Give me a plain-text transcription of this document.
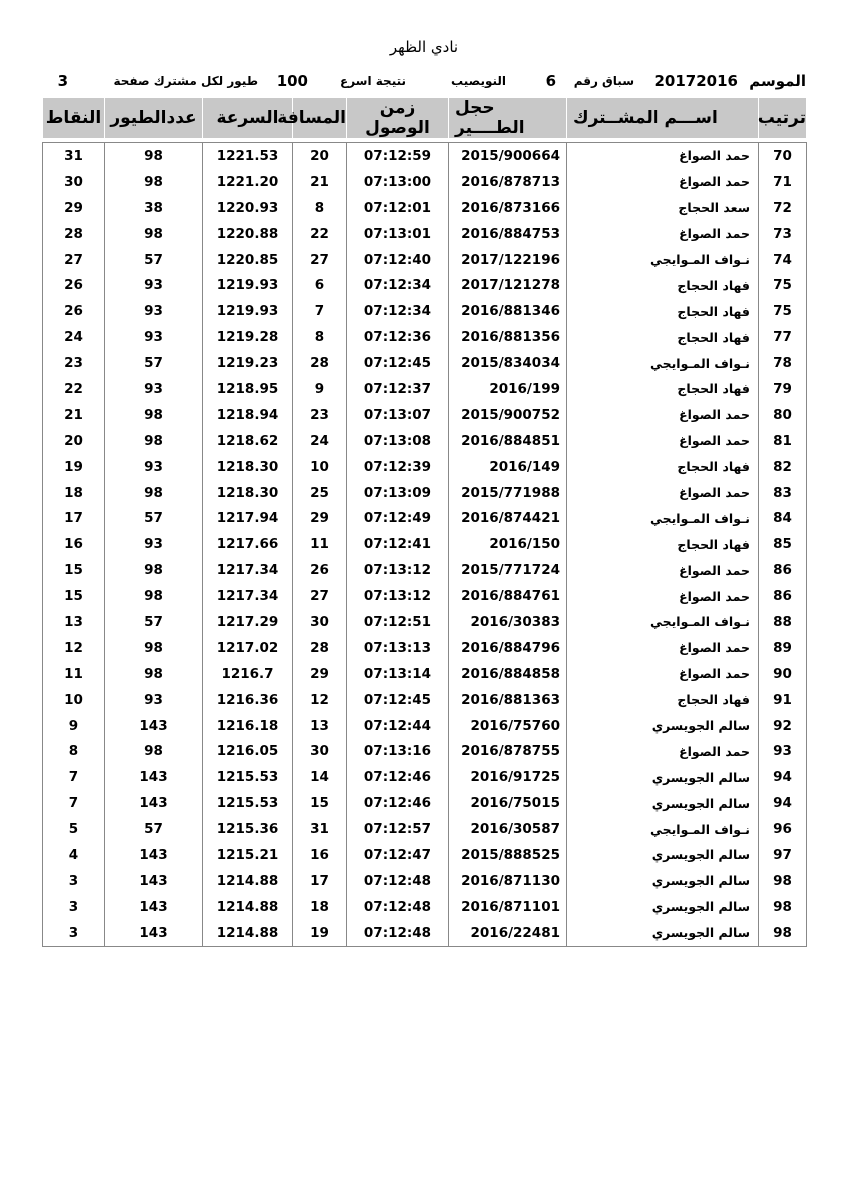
نادي الظهر
الموسم
20172016
سباق رقم
6
النويصيب
نتيجة اسرع
100
طيور لكل مشترك صفحة
3
ترتيب	اســـم المشــترك	حجل الطــــير	زمن الوصول	المسافة	السرعة	عددالطيور	النقاط

70	حمد الصواغ	2015/900664	07:12:59	20	1221.53	98	31
71	حمد الصواغ	2016/878713	07:13:00	21	1221.20	98	30
72	سعد الحجاج	2016/873166	07:12:01	8	1220.93	38	29
73	حمد الصواغ	2016/884753	07:13:01	22	1220.88	98	28
74	نـواف المـوايجي	2017/122196	07:12:40	27	1220.85	57	27
75	فهاد الحجاج	2017/121278	07:12:34	6	1219.93	93	26
75	فهاد الحجاج	2016/881346	07:12:34	7	1219.93	93	26
77	فهاد الحجاج	2016/881356	07:12:36	8	1219.28	93	24
78	نـواف المـوايجي	2015/834034	07:12:45	28	1219.23	57	23
79	فهاد الحجاج	2016/199	07:12:37	9	1218.95	93	22
80	حمد الصواغ	2015/900752	07:13:07	23	1218.94	98	21
81	حمد الصواغ	2016/884851	07:13:08	24	1218.62	98	20
82	فهاد الحجاج	2016/149	07:12:39	10	1218.30	93	19
83	حمد الصواغ	2015/771988	07:13:09	25	1218.30	98	18
84	نـواف المـوايجي	2016/874421	07:12:49	29	1217.94	57	17
85	فهاد الحجاج	2016/150	07:12:41	11	1217.66	93	16
86	حمد الصواغ	2015/771724	07:13:12	26	1217.34	98	15
86	حمد الصواغ	2016/884761	07:13:12	27	1217.34	98	15
88	نـواف المـوايجي	2016/30383	07:12:51	30	1217.29	57	13
89	حمد الصواغ	2016/884796	07:13:13	28	1217.02	98	12
90	حمد الصواغ	2016/884858	07:13:14	29	1216.7	98	11
91	فهاد الحجاج	2016/881363	07:12:45	12	1216.36	93	10
92	سالم الجويسري	2016/75760	07:12:44	13	1216.18	143	9
93	حمد الصواغ	2016/878755	07:13:16	30	1216.05	98	8
94	سالم الجويسري	2016/91725	07:12:46	14	1215.53	143	7
94	سالم الجويسري	2016/75015	07:12:46	15	1215.53	143	7
96	نـواف المـوايجي	2016/30587	07:12:57	31	1215.36	57	5
97	سالم الجويسري	2015/888525	07:12:47	16	1215.21	143	4
98	سالم الجويسري	2016/871130	07:12:48	17	1214.88	143	3
98	سالم الجويسري	2016/871101	07:12:48	18	1214.88	143	3
98	سالم الجويسري	2016/22481	07:12:48	19	1214.88	143	3
